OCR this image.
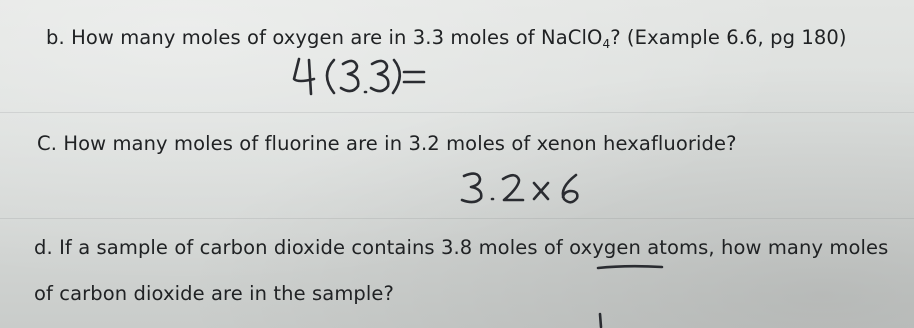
b. How many moles of oxygen are in 3.3 moles of NaClO$_4$? (Example 6.6, pg 180)
C. How many moles of fluorine are in 3.2 moles of xenon hexafluoride?
d. If a sample of carbon dioxide contains 3.8 moles of oxygen atoms, how many moles
of carbon dioxide are in the sample?
